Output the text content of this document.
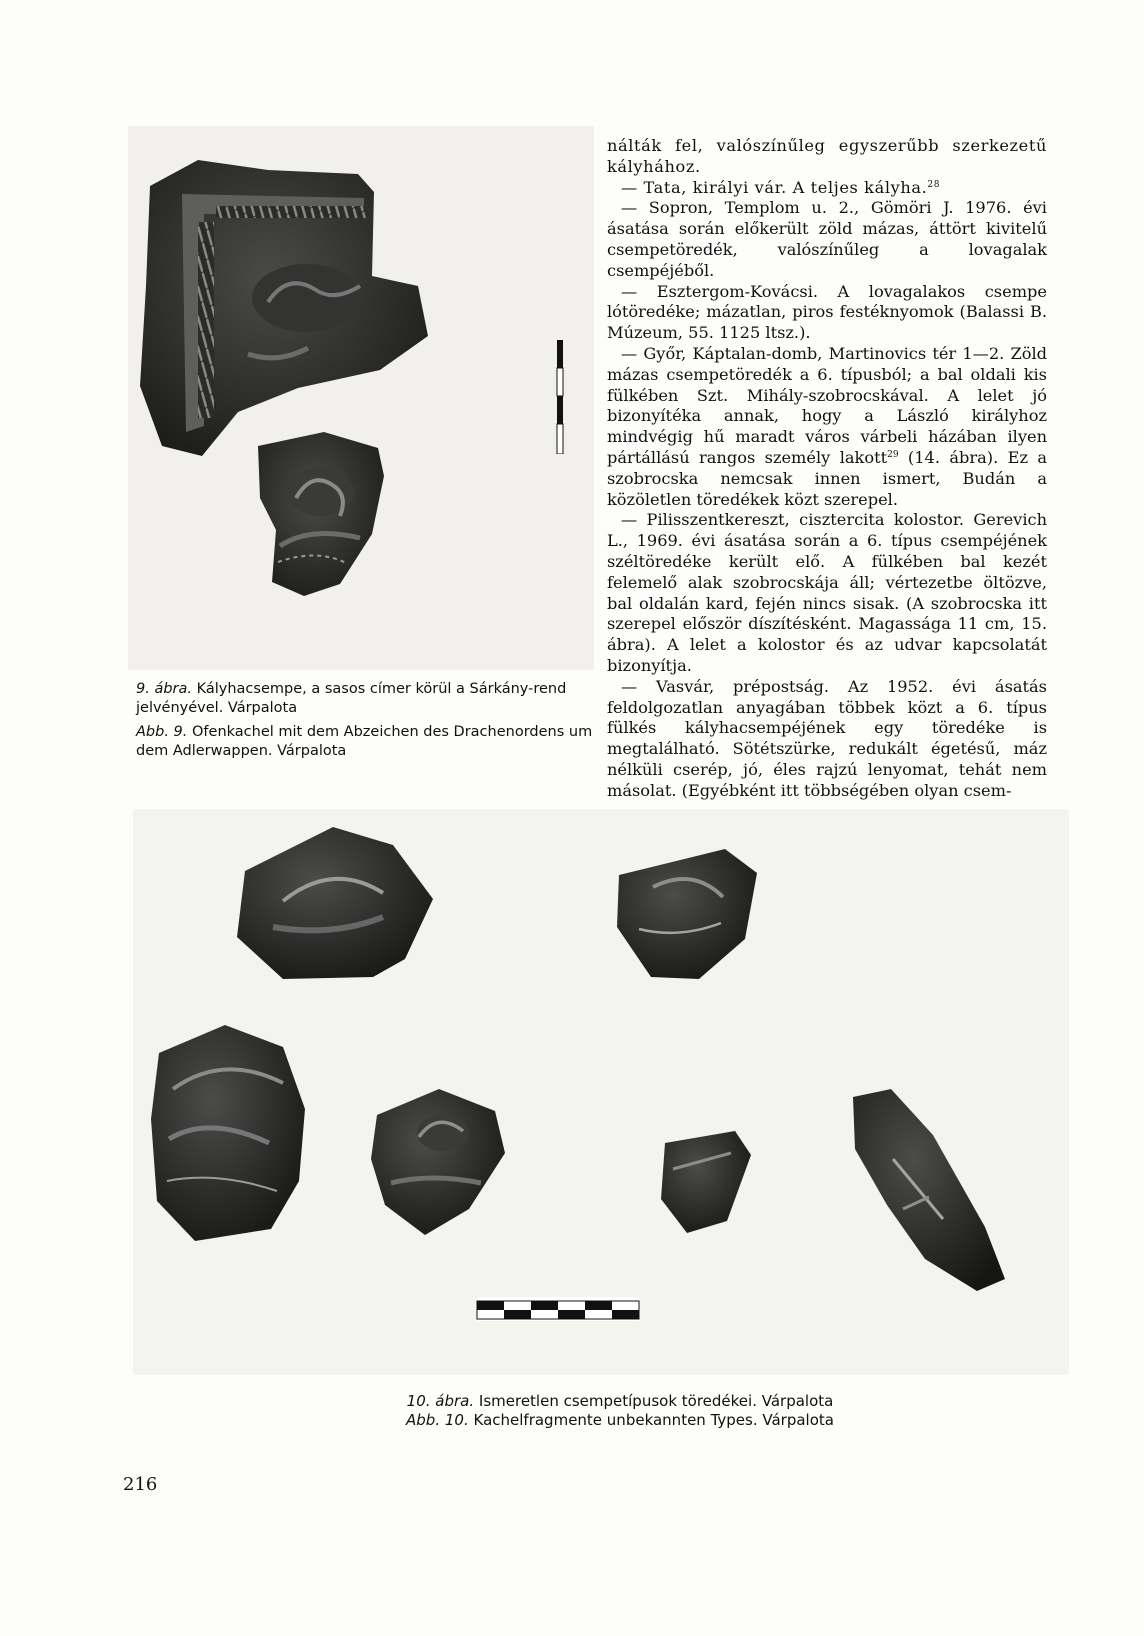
9. ábra. Kályhacsempe, a sasos címer körül a Sárkány-rend jelvényével. Várpalota

Abb. 9. Ofenkachel mit dem Abzeichen des Drachenordens um dem Adlerwappen. Várpalota

nálták fel, valószínűleg egyszerűbb szerkezetű kályhához.

— Tata, királyi vár. A teljes kályha.$^{28}$

— Sopron, Templom u. 2., Gömöri J. 1976. évi ásatása során előkerült zöld mázas, áttört kivitelű csempetöredék, valószínűleg a lovagalak csempéjéből.

— Esztergom-Kovácsi. A lovagalakos csempe lótöredéke; mázatlan, piros festéknyomok (Balassi B. Múzeum, 55. 1125 ltsz.).

— Győr, Káptalan-domb, Martinovics tér 1—2. Zöld mázas csempetöredék a 6. típusból; a bal oldali kis fülkében Szt. Mihály-szobrocskával. A lelet jó bizonyítéka annak, hogy a László királyhoz mindvégig hű maradt város várbeli házában ilyen pártállású rangos személy lakott$^{29}$ (14. ábra). Ez a szobrocska nemcsak innen ismert, Budán a közöletlen töredékek közt szerepel.

— Pilisszentkereszt, cisztercita kolostor. Gerevich L., 1969. évi ásatása során a 6. típus csempéjének széltöredéke került elő. A fülkében bal kezét felemelő alak szobrocskája áll; vértezetbe öltözve, bal oldalán kard, fején nincs sisak. (A szobrocska itt szerepel először díszítésként. Magassága 11 cm, 15. ábra). A lelet a kolostor és az udvar kapcsolatát bizonyítja.

— Vasvár, prépostság. Az 1952. évi ásatás feldolgozatlan anyagában többek közt a 6. típus fülkés kályhacsempéjének egy töredéke is megtalálható. Sötétszürke, redukált égetésű, máz nélküli cserép, jó, éles rajzú lenyomat, tehát nem másolat. (Egyébként itt többségében olyan csem-

10. ábra. Ismeretlen csempetípusok töredékei. Várpalota

Abb. 10. Kachelfragmente unbekannten Types. Várpalota

216
